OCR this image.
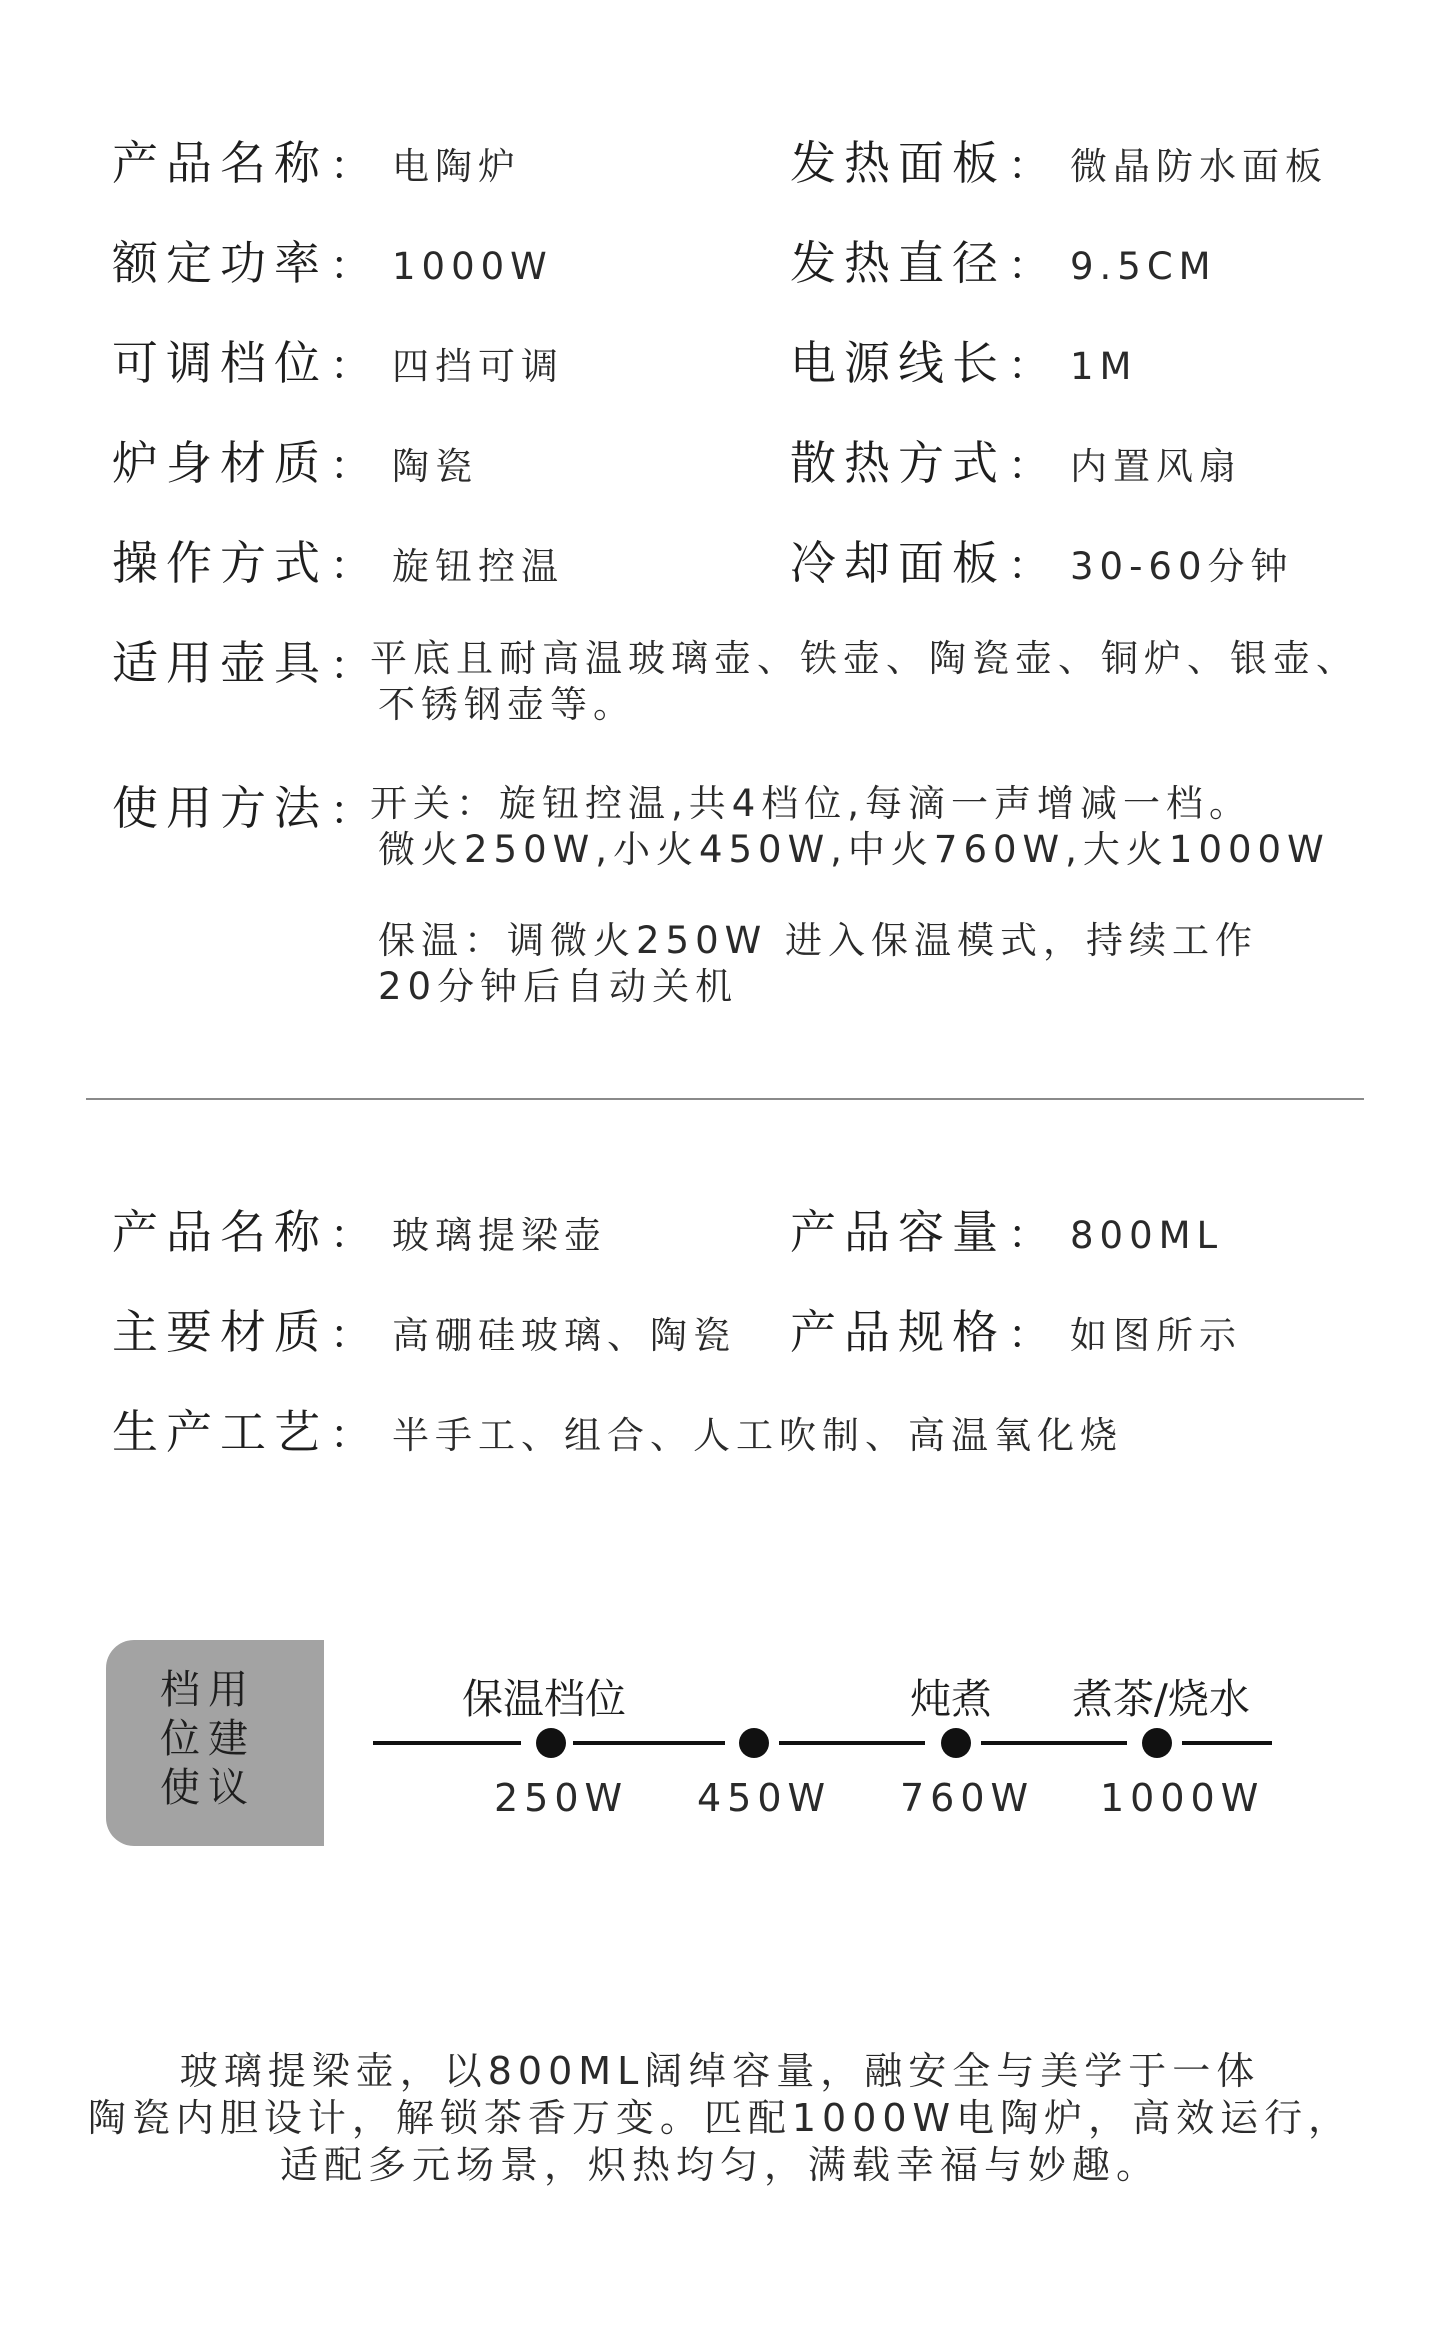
产品名称 ： 电陶炉	发热面板 ： 微晶防水面板
额定功率 ： 1000W	发热直径 ： 9.5CM
可调档位 ： 四挡可调	电源线长 ： 1M
炉身材质 ： 陶瓷	散热方式 ： 内置风扇
操作方式 ： 旋钮控温	冷却面板 ： 30-60分钟
适用壶具 ： 平底且耐高温玻璃壶、铁壶、陶瓷壶、铜炉、银壶、
不锈钢壶等。
使用方法 ： 开关：旋钮控温,共4档位,每滴一声增减一档。
微火250W,小火450W,中火760W,大火1000W
保温：调微火250W 进入保温模式，持续工作
20分钟后自动关机
产品名称 ： 玻璃提梁壶	产品容量 ： 800ML
主要材质 ： 高硼硅玻璃、陶瓷 产品规格 ： 如图所示
生产工艺 ： 半手工、组合、人工吹制、高温氧化烧
档用
位建
使议
保温档位	炖煮 煮茶/烧水
250W 450W 760W 1000W
玻璃提梁壶，以800ML阔绰容量，融安全与美学于一体
陶瓷内胆设计，解锁茶香万变。匹配1000W电陶炉，高效运行，
适配多元场景，炽热均匀，满载幸福与妙趣。
